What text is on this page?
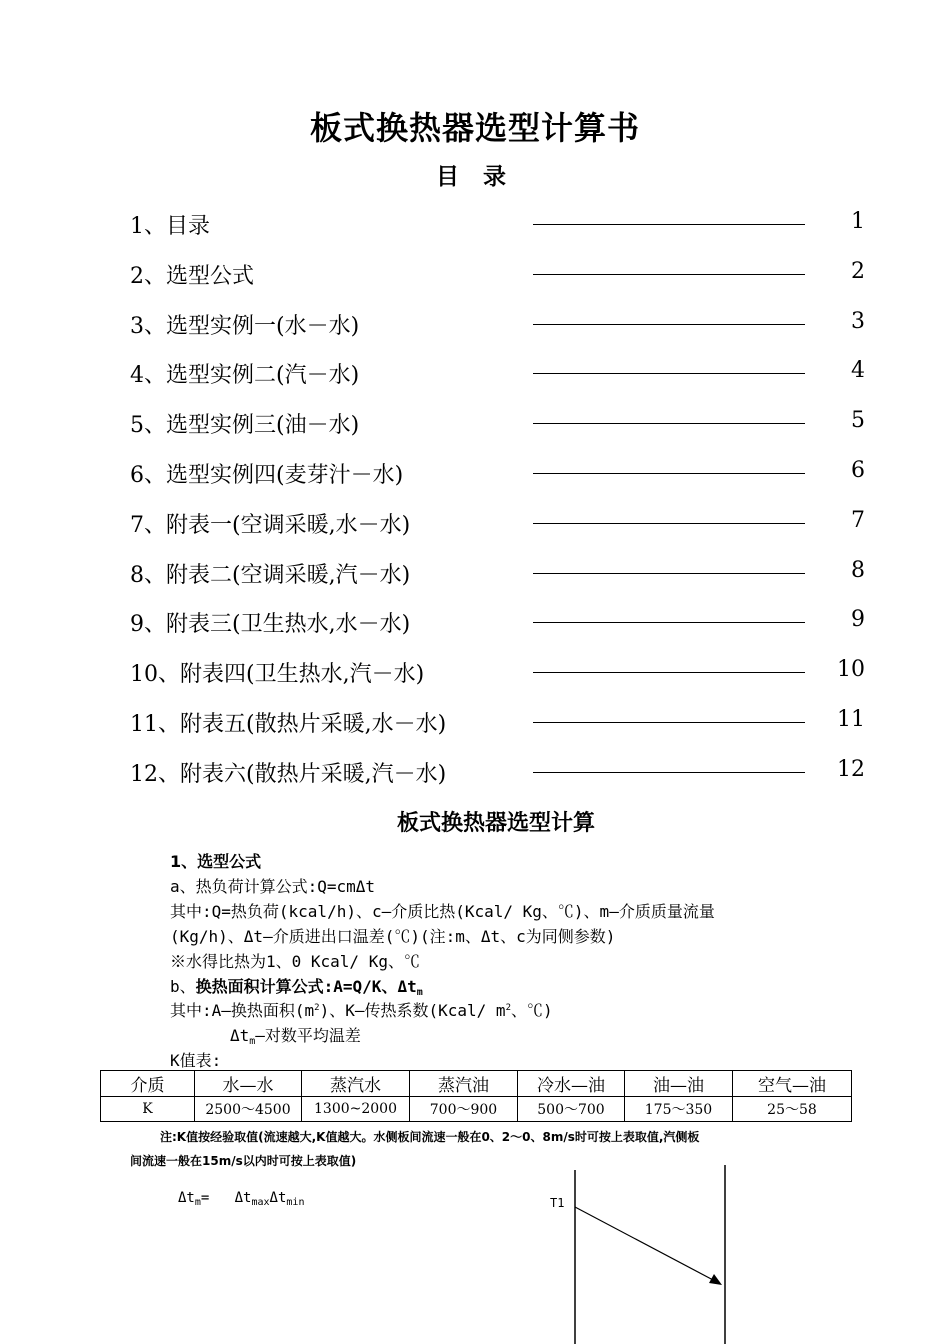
板式换热器选型计算书
目 录
1、目录	1
2、选型公式	2
3、选型实例一(水－水)	3
4、选型实例二(汽－水)	4
5、选型实例三(油－水)	5
6、选型实例四(麦芽汁－水)	6
7、附表一(空调采暖,水－水)	7
8、附表二(空调采暖,汽－水)	8
9、附表三(卫生热水,水－水)	9
10、附表四(卫生热水,汽－水)	10
11、附表五(散热片采暖,水－水)	11
12、附表六(散热片采暖,汽－水)	12
板式换热器选型计算
1、选型公式
a、热负荷计算公式:Q=cmΔt
其中:Q=热负荷(kcal/h)、c—介质比热(Kcal/ Kg、℃)、m—介质质量流量
(Kg/h)、Δt—介质进出口温差(℃)(注:m、Δt、c为同侧参数)
※水得比热为1、0 Kcal/ Kg、℃
b、换热面积计算公式:A=Q/K、$\Delta t_m$
其中:A—换热面积$(m^2)$、K—传热系数(Kcal/ $m^2$、℃)
$\Delta t_m—$对数平均温差
K值表:
介质	水—水	蒸汽水	蒸汽油	冷水—油	油—油	空气—油
K	2500～4500	1300~2000	700～900	500～700	175～350	25～58
注:K值按经验取值(流速越大,K值越大。水侧板间流速一般在0、2～0、8m/s时可按上表取值,汽侧板
间流速一般在15m/s以内时可按上表取值)
$\Delta t_m= \Delta t_{max}\Delta t_{min}$	T1
